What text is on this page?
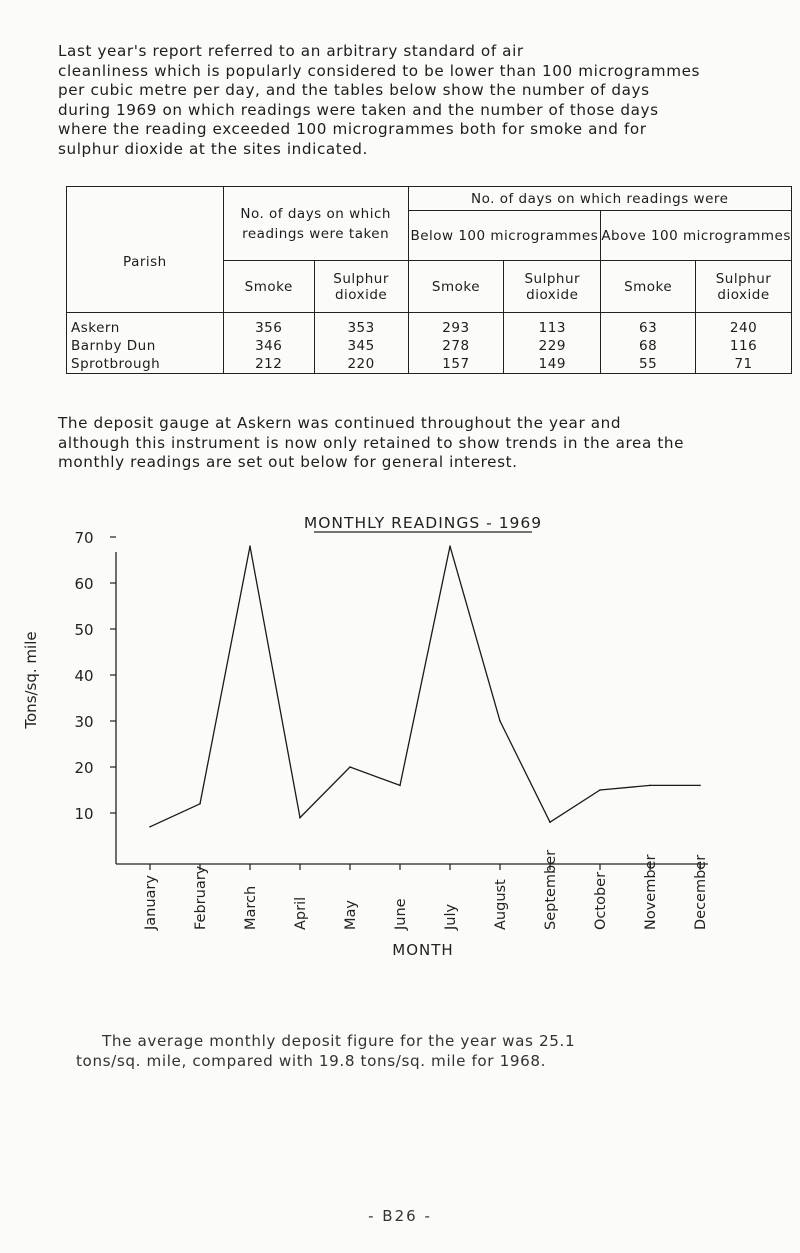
Last year's report referred to an arbitrary standard of air
cleanliness which is popularly considered to be lower than 100 microgrammes
per cubic metre per day, and the tables below show the number of days
during 1969 on which readings were taken and the number of those days
where the reading exceeded 100 microgrammes both for smoke and for
sulphur dioxide at the sites indicated.
Parish	No. of days on which readings were taken		No. of days on which readings were			
			Below 100 microgrammes		Above 100 microgrammes	
	Smoke	Sulphur dioxide	Smoke	Sulphur dioxide	Smoke	Sulphur dioxide
Askern	356	353	293	113	63	240
Barnby Dun	346	345	278	229	68	116
Sprotbrough	212	220	157	149	55	71
The deposit gauge at Askern was continued throughout the year and
although this instrument is now only retained to show trends in the area the
monthly readings are set out below for general interest.
MONTHLY READINGS - 1969
Tons/sq. mile
70
60
50
40
30
20
10
January February March April May June July August September October November December
MONTH
The average monthly deposit figure for the year was 25.1
tons/sq. mile, compared with 19.8 tons/sq. mile for 1968.
- B26 -
